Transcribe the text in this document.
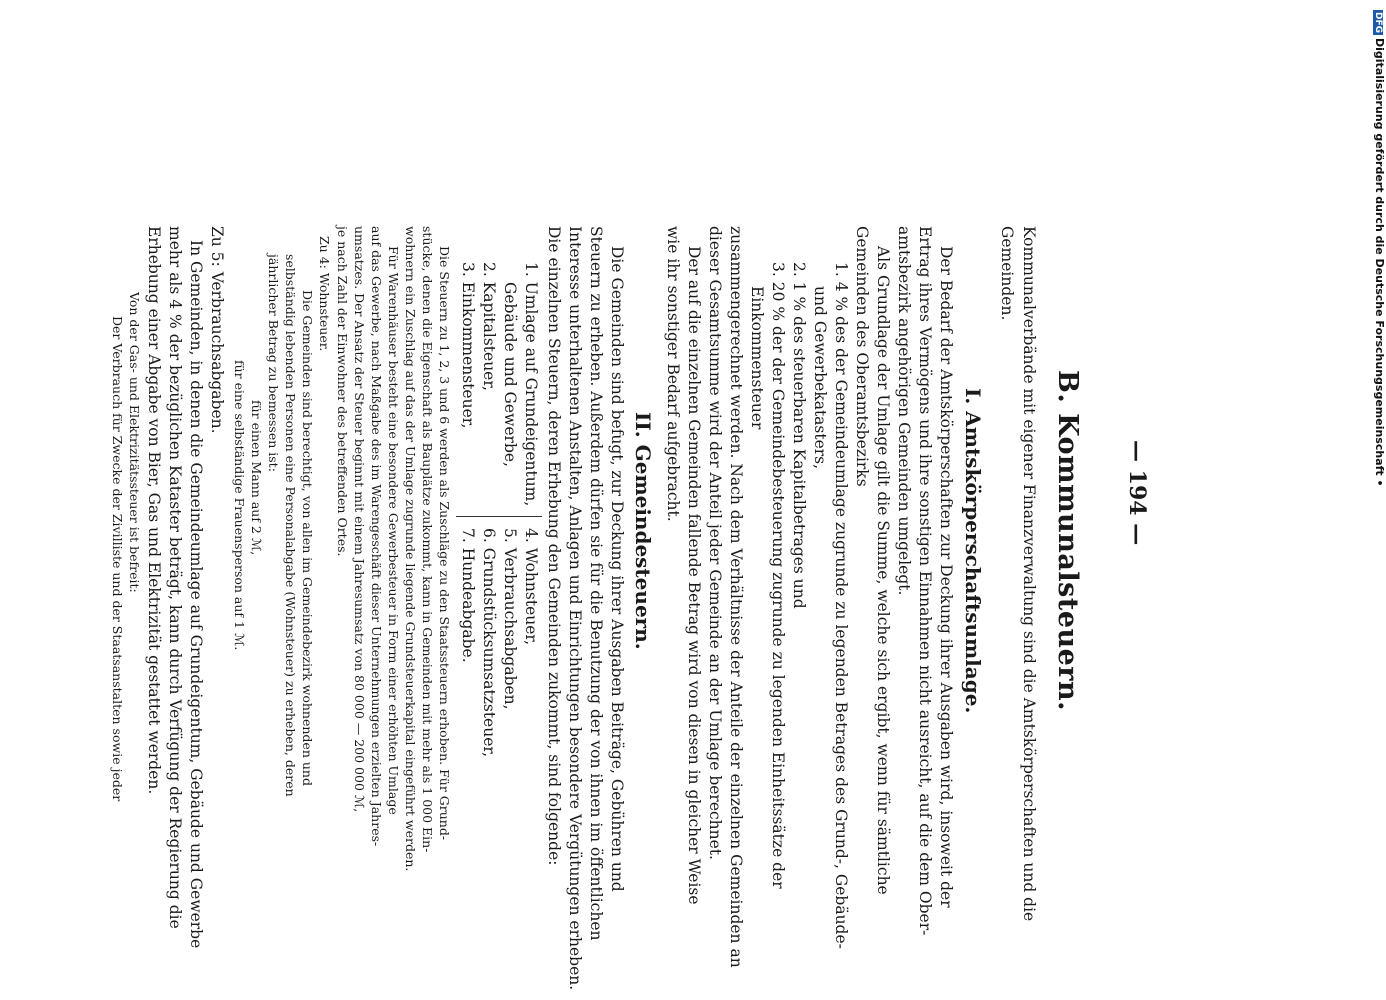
— 194 —
B. Kommunalsteuern.
Kommunalverbände mit eigener Finanzverwaltung sind die Amtskörperschaften und die
Gemeinden.
I. Amtskörperschaftsumlage.
Der Bedarf der Amtskörperschaften zur Deckung ihrer Ausgaben wird, insoweit der
Ertrag ihres Vermögens und ihre sonstigen Einnahmen nicht ausreicht, auf die dem Ober-
amtsbezirk angehörigen Gemeinden umgelegt.
Als Grundlage der Umlage gilt die Summe, welche sich ergibt, wenn für sämtliche
Gemeinden des Oberamtsbezirks
1. 4 % des der Gemeindeumlage zugrunde zu legenden Betrages des Grund-, Gebäude-
und Gewerbekatasters,
2. 1 % des steuerbaren Kapitalbetrages und
3. 20 % der der Gemeindebesteuerung zugrunde zu legenden Einheitssätze der
Einkommensteuer
zusammengerechnet werden. Nach dem Verhältnisse der Anteile der einzelnen Gemeinden an
dieser Gesamtsumme wird der Anteil jeder Gemeinde an der Umlage berechnet.
Der auf die einzelnen Gemeinden fallende Betrag wird von diesen in gleicher Weise
wie ihr sonstiger Bedarf aufgebracht.
II. Gemeindesteuern.
Die Gemeinden sind befugt, zur Deckung ihrer Ausgaben Beiträge, Gebühren und
Steuern zu erheben. Außerdem dürfen sie für die Benutzung der von ihnen im öffentlichen
Interesse unterhaltenen Anstalten, Anlagen und Einrichtungen besondere Vergütungen erheben.
Die einzelnen Steuern, deren Erhebung den Gemeinden zukommt, sind folgende:
1. Umlage auf Grundeigentum,
Gebäude und Gewerbe,
2. Kapitalsteuer,
3. Einkommensteuer,
4. Wohnsteuer,
5. Verbrauchsabgaben,
6. Grundstücksumsatzsteuer,
7. Hundeabgabe.
Die Steuern zu 1, 2, 3 und 6 werden als Zuschläge zu den Staatssteuern erhoben. Für Grund-
stücke, denen die Eigenschaft als Bauplätze zukommt, kann in Gemeinden mit mehr als 1 000 Ein-
wohnern ein Zuschlag auf das der Umlage zugrunde liegende Grundsteuerkapital eingeführt werden.
Für Warenhäuser besteht eine besondere Gewerbesteuer in Form einer erhöhten Umlage
auf das Gewerbe, nach Maßgabe des im Warengeschäft dieser Unternehmungen erzielten Jahres-
umsatzes. Der Ansatz der Steuer beginnt mit einem Jahresumsatz von 80 000 — 200 000 ℳ,
je nach Zahl der Einwohner des betreffenden Ortes.
Zu 4: Wohnsteuer.
Die Gemeinden sind berechtigt, von allen im Gemeindebezirk wohnenden und
selbständig lebenden Personen eine Personalabgabe (Wohnsteuer) zu erheben, deren
jährlicher Betrag zu bemessen ist:
für einen Mann auf 2 ℳ,
für eine selbständige Frauensperson auf 1 ℳ.
Zu 5: Verbrauchsabgaben.
In Gemeinden, in denen die Gemeindeumlage auf Grundeigentum, Gebäude und Gewerbe
mehr als 4 % der bezüglichen Kataster beträgt, kann durch Verfügung der Regierung die
Erhebung einer Abgabe von Bier, Gas und Elektrizität gestattet werden.
Von der Gas- und Elektrizitätssteuer ist befreit:
Der Verbrauch für Zwecke der Zivilliste und der Staatsanstalten sowie jeder
DFGDigitalisierung gefördert durch die Deutsche Forschungsgemeinschaft •
